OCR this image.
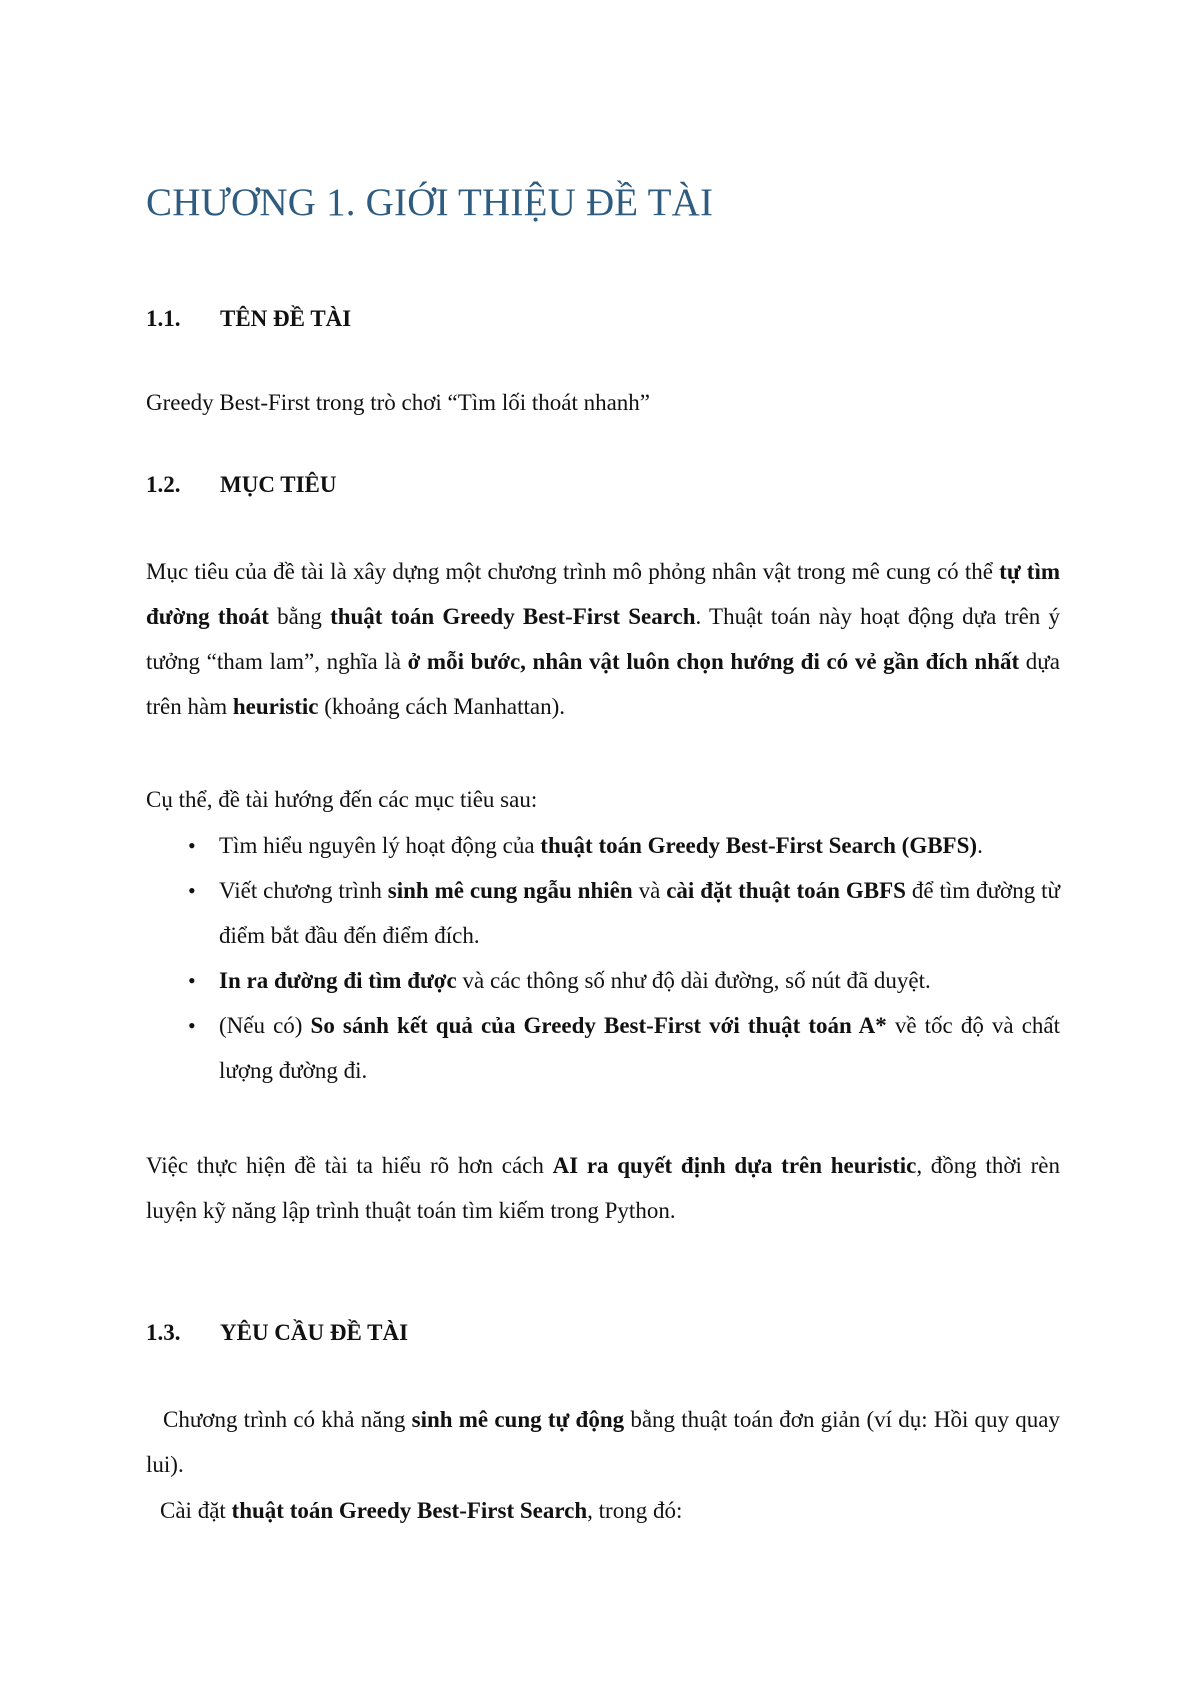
CHƯƠNG 1. GIỚI THIỆU ĐỀ TÀI
1.1. TÊN ĐỀ TÀI

Greedy Best-First trong trò chơi “Tìm lối thoát nhanh”

1.2. MỤC TIÊU

Mục tiêu của đề tài là xây dựng một chương trình mô phỏng nhân vật trong mê cung có thể tự tìm đường thoát bằng thuật toán Greedy Best-First Search. Thuật toán này hoạt động dựa trên ý tưởng “tham lam”, nghĩa là ở mỗi bước, nhân vật luôn chọn hướng đi có vẻ gần đích nhất dựa trên hàm heuristic (khoảng cách Manhattan).

Cụ thể, đề tài hướng đến các mục tiêu sau:

• Tìm hiểu nguyên lý hoạt động của thuật toán Greedy Best-First Search (GBFS).
• Viết chương trình sinh mê cung ngẫu nhiên và cài đặt thuật toán GBFS để tìm đường từ điểm bắt đầu đến điểm đích.
• In ra đường đi tìm được và các thông số như độ dài đường, số nút đã duyệt.
• (Nếu có) So sánh kết quả của Greedy Best-First với thuật toán A* về tốc độ và chất lượng đường đi.

Việc thực hiện đề tài ta hiểu rõ hơn cách AI ra quyết định dựa trên heuristic, đồng thời rèn luyện kỹ năng lập trình thuật toán tìm kiếm trong Python.

1.3. YÊU CẦU ĐỀ TÀI

Chương trình có khả năng sinh mê cung tự động bằng thuật toán đơn giản (ví dụ: Hồi quy quay lui).

Cài đặt thuật toán Greedy Best-First Search, trong đó:
